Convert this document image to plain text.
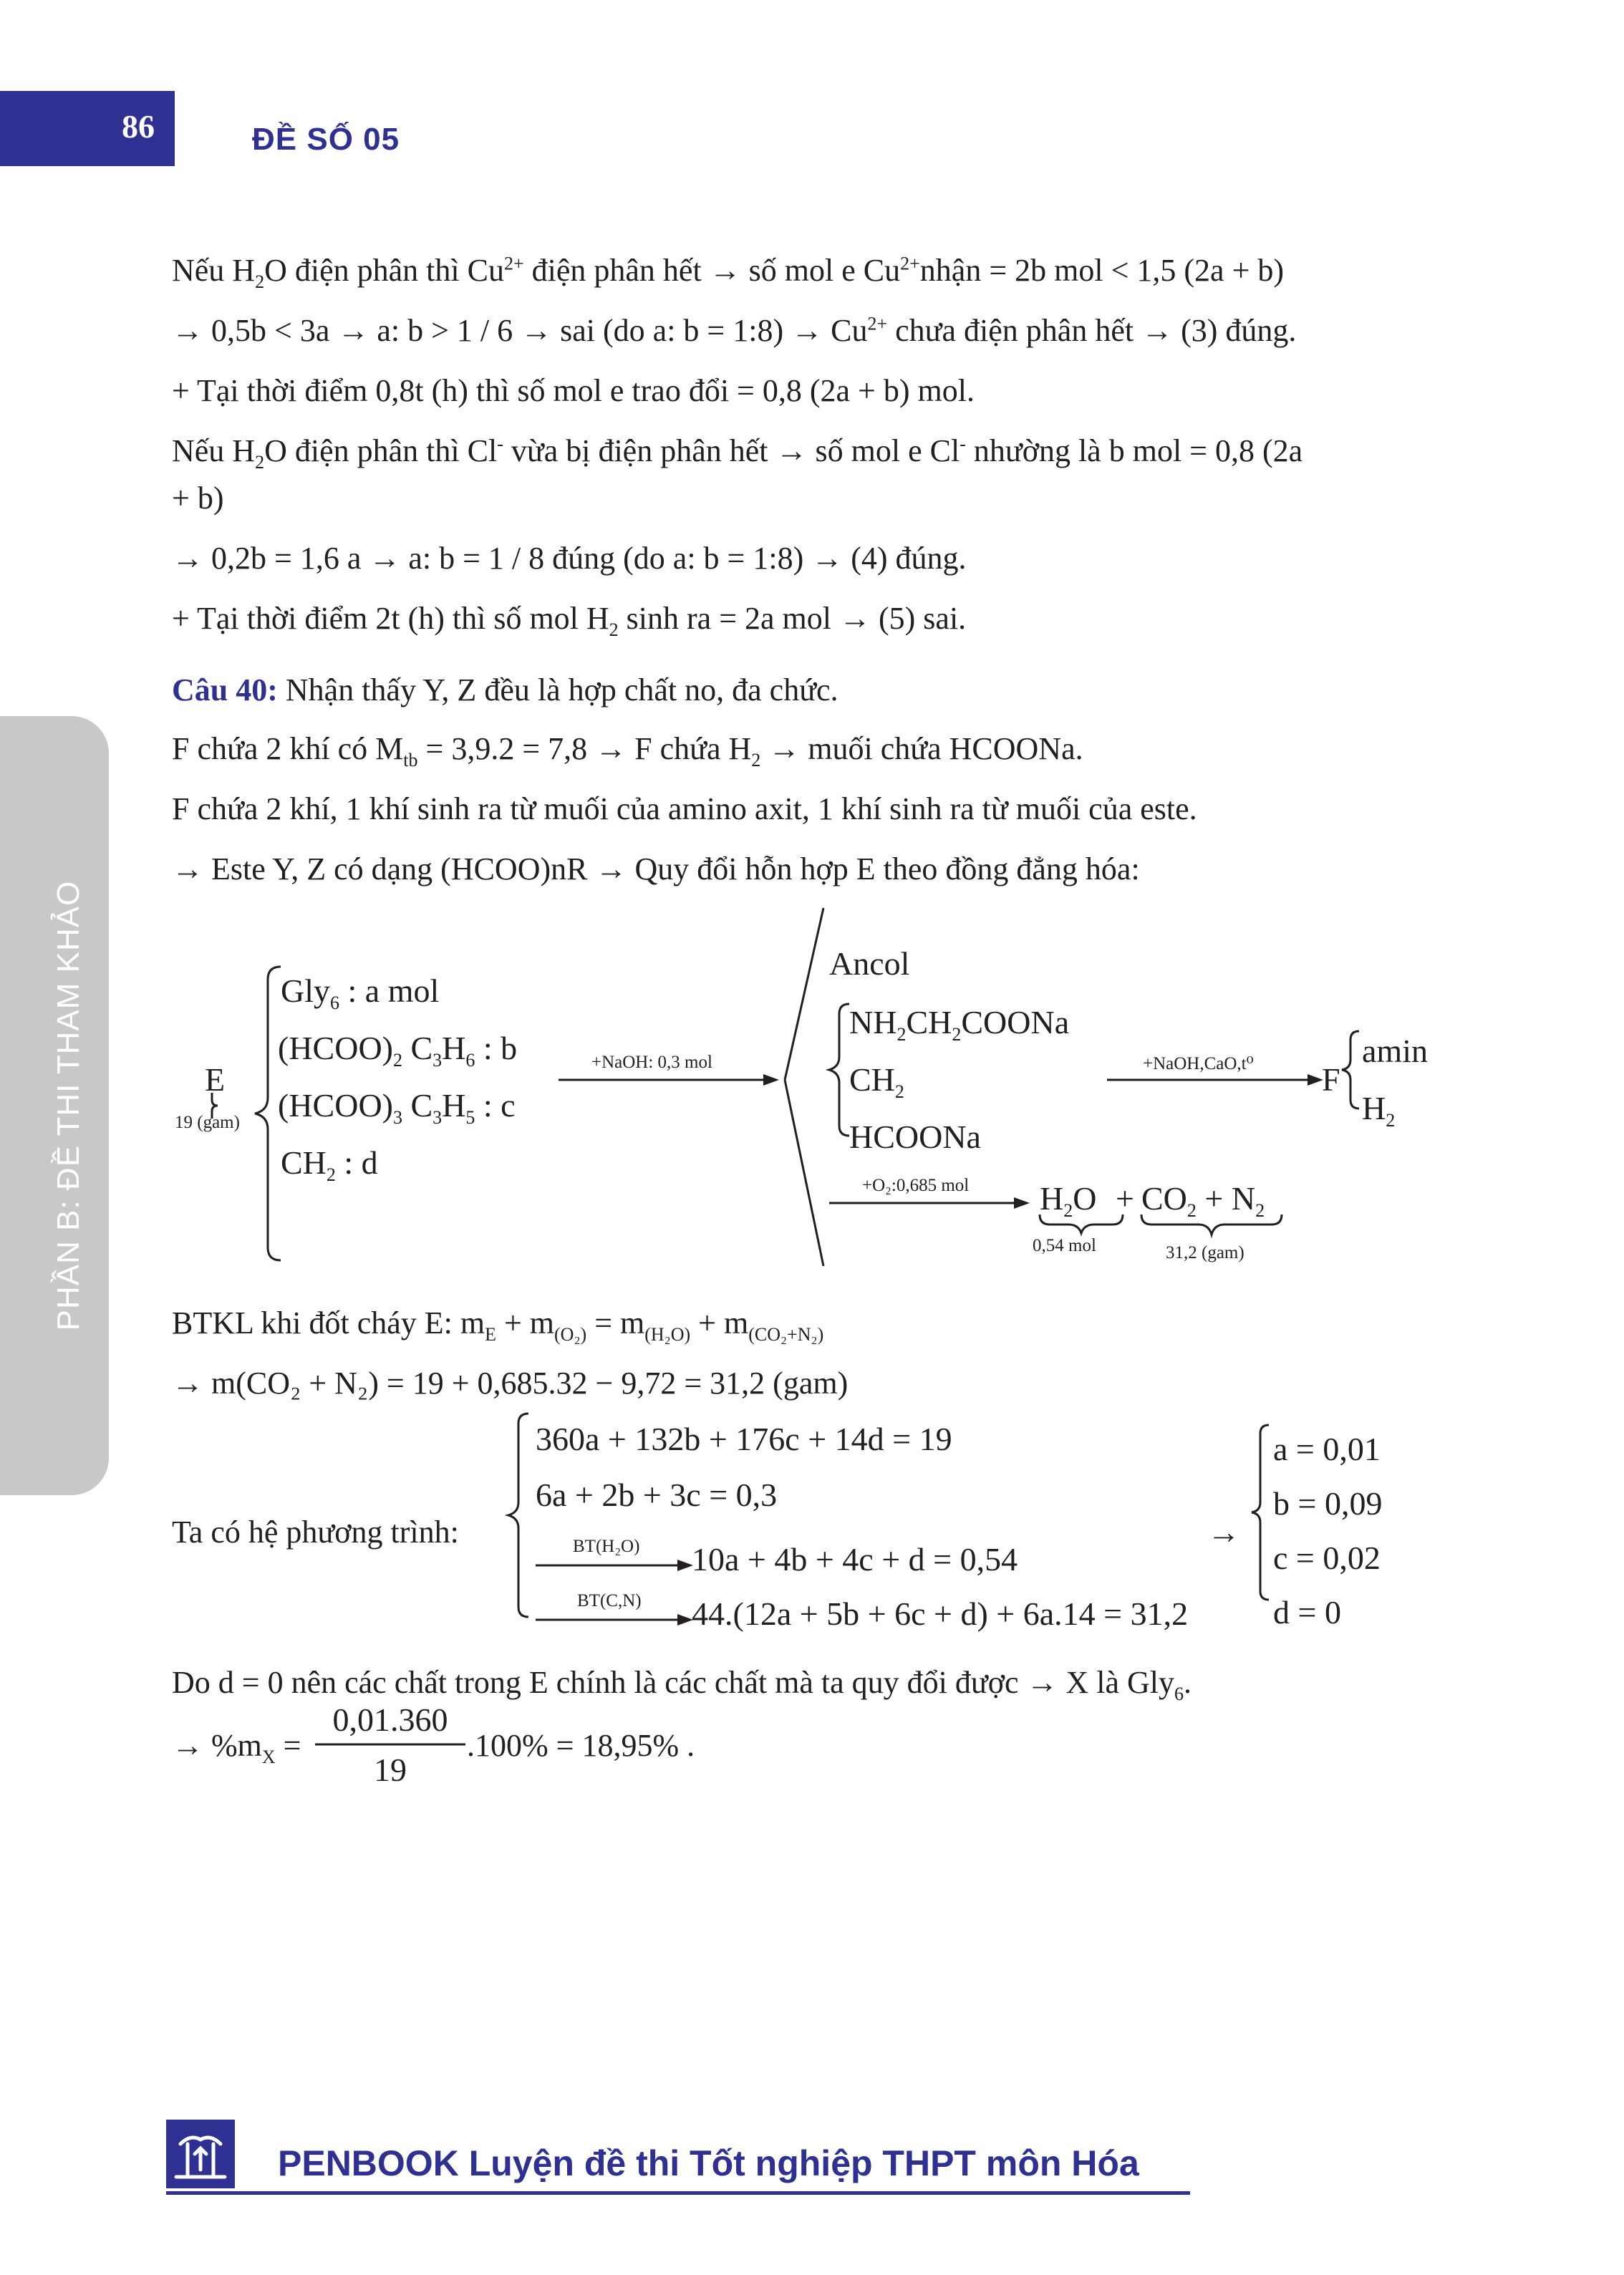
86	ĐỀ SỐ 05
PHẦN B: ĐỀ THI THAM KHẢO
Nếu $H_2O$ điện phân thì $Cu^{2+}$ điện phân hết → số mol e $Cu^{2+}nhận = 2b$ mol < 1,5 (2a + b)
→ 0,5b < 3a → a: b > 1 / 6 → sai (do a: b = 1:8) → $Cu^{2+}$ chưa điện phân hết → (3) đúng.
+ Tại thời điểm 0,8t (h) thì số mol e trao đổi = 0,8 (2a + b) mol.
Nếu $H_2O$ điện phân thì Cl- vừa bị điện phân hết → số mol e Cl- nhường là b mol = 0,8 (2a
+ b)
→ 0,2b = 1,6 a → a: b = 1 / 8 đúng (do a: b = 1:8) → (4) đúng.
+ Tại thời điểm 2t (h) thì số mol $H_2$ sinh ra = 2a mol → (5) sai.
Câu 40: Nhận thấy Y, Z đều là hợp chất no, đa chức.
F chứa 2 khí có $M_{tb} = 3,9.2 = 7,8 \to F$ chứa $H_2$ → muối chứa HCOONa.
F chứa 2 khí, 1 khí sinh ra từ muối của amino axit, 1 khí sinh ra từ muối của este.
→ Este Y, Z có dạng (HCOO)nR → Quy đổi hỗn hợp E theo đồng đẳng hóa:
E
19 (gam)
Gly$_6$ : a mol
$(HCOO)_2$ $C_3H_6$ : b
$(HCOO)_3$ $C_3H_5$ : c
$CH_2$ : d
+NaOH: 0,3 mol
Ancol
$NH_2CH_2COONa$
$CH_2$
HCOONa
+NaOH,CaO,t⁰ F
amin
$H_2$
+O₂:0,685 mol $H_2O + CO_2 + N_2$
0,54 mol	31,2 (gam)
BTKL khi đốt cháy E: $m_E + m_{(O_2)} = m_{(H_2O)} + m_{(CO_2+N_2)}$
→ m(CO₂ + N₂) = 19 + 0,685.32 − 9,72 = 31,2 (gam)
Ta có hệ phương trình:
360a + 132b + 176c + 14d = 19
6a + 2b + 3c = 0,3
BT(H₂O) 10a + 4b + 4c + d = 0,54
BT(C,N) 44.(12a + 5b + 6c + d) + 6a.14 = 31,2
→
a = 0,01
b = 0,09
c = 0,02
d = 0
Do d = 0 nên các chất trong E chính là các chất mà ta quy đổi được → X là Gly$_6$.
→ $\%m_X$ =
0,01.360
19
.100% = 18,95% .
PENBOOK Luyện đề thi Tốt nghiệp THPT môn Hóa
